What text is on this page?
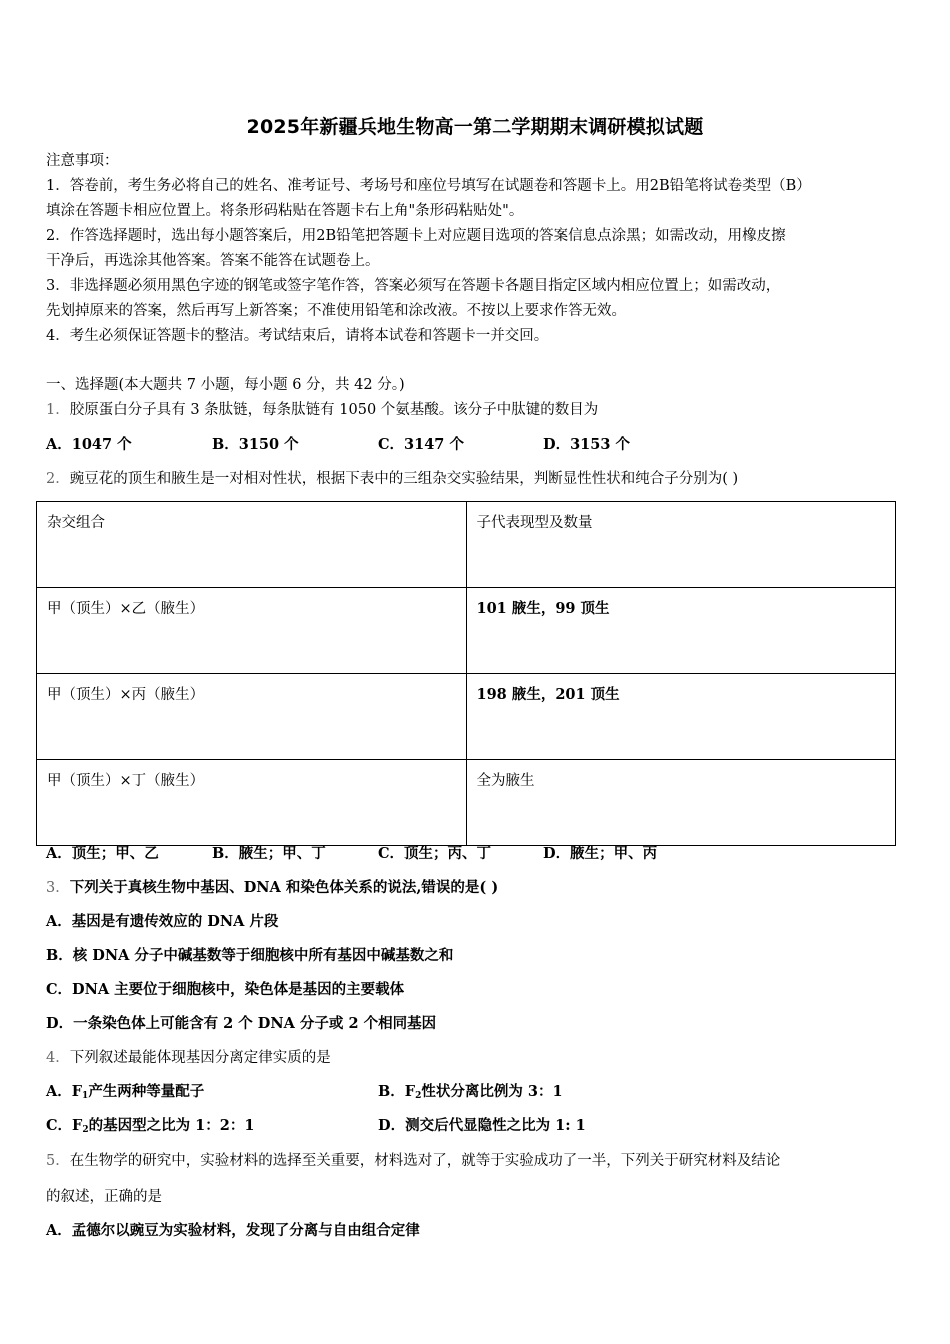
2025年新疆兵地生物高一第二学期期末调研模拟试题
注意事项：
1．答卷前，考生务必将自己的姓名、准考证号、考场号和座位号填写在试题卷和答题卡上。用2B铅笔将试卷类型（B）
填涂在答题卡相应位置上。将条形码粘贴在答题卡右上角"条形码粘贴处"。
2．作答选择题时，选出每小题答案后，用2B铅笔把答题卡上对应题目选项的答案信息点涂黑；如需改动，用橡皮擦
干净后，再选涂其他答案。答案不能答在试题卷上。
3．非选择题必须用黑色字迹的钢笔或签字笔作答，答案必须写在答题卡各题目指定区域内相应位置上；如需改动，
先划掉原来的答案，然后再写上新答案；不准使用铅笔和涂改液。不按以上要求作答无效。
4．考生必须保证答题卡的整洁。考试结束后，请将本试卷和答题卡一并交回。
一、选择题(本大题共 7 小题，每小题 6 分，共 42 分。)
1．胶原蛋白分子具有 3 条肽链，每条肽链有 1050 个氨基酸。该分子中肽键的数目为
A．1047 个	B．3150 个	C．3147 个	D．3153 个
2．豌豆花的顶生和腋生是一对相对性状，根据下表中的三组杂交实验结果，判断显性性状和纯合子分别为( )
杂交组合	子代表现型及数量
甲（顶生）×乙（腋生）	101 腋生，99 顶生
甲（顶生）×丙（腋生）	198 腋生，201 顶生
甲（顶生）×丁（腋生）	全为腋生
A．顶生；甲、乙	B．腋生；甲、丁	C．顶生；丙、丁	D．腋生；甲、丙
3．下列关于真核生物中基因、DNA 和染色体关系的说法,错误的是( )
A．基因是有遗传效应的 DNA 片段
B．核 DNA 分子中碱基数等于细胞核中所有基因中碱基数之和
C．DNA 主要位于细胞核中，染色体是基因的主要载体
D．一条染色体上可能含有 2 个 DNA 分子或 2 个相同基因
4．下列叙述最能体现基因分离定律实质的是
A．$F_1$产生两种等量配子	B．$F_2$性状分离比例为 3：1
C．$F_2$的基因型之比为 1：2：1	D．测交后代显隐性之比为 1: 1
5．在生物学的研究中，实验材料的选择至关重要，材料选对了，就等于实验成功了一半，下列关于研究材料及结论
的叙述，正确的是
A．孟德尔以豌豆为实验材料，发现了分离与自由组合定律
